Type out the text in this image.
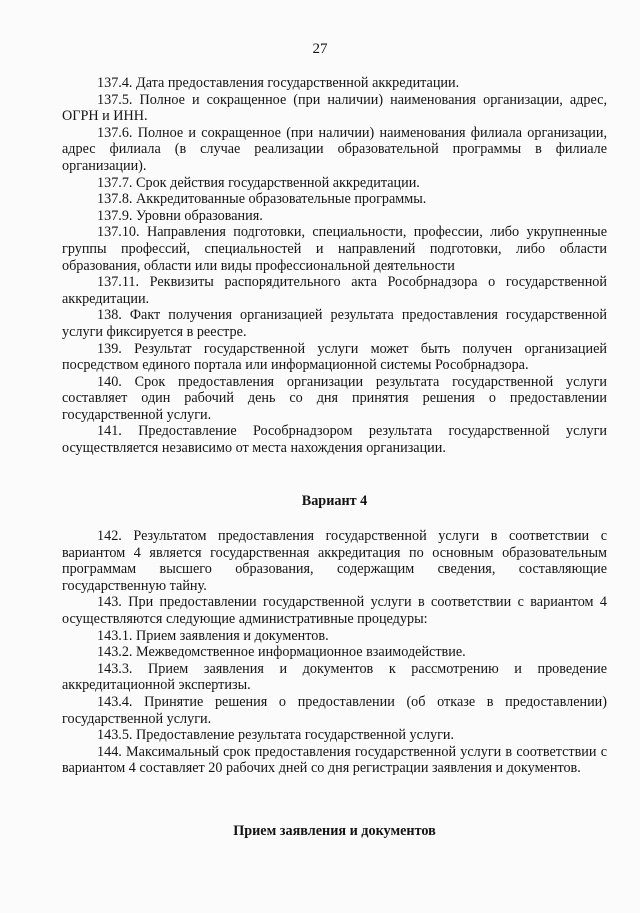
27

137.4. Дата предоставления государственной аккредитации.

137.5. Полное и сокращенное (при наличии) наименования организации, адрес, ОГРН и ИНН.

137.6. Полное и сокращенное (при наличии) наименования филиала организации, адрес филиала (в случае реализации образовательной программы в филиале организации).

137.7. Срок действия государственной аккредитации.

137.8. Аккредитованные образовательные программы.

137.9. Уровни образования.

137.10. Направления подготовки, специальности, профессии, либо укрупненные группы профессий, специальностей и направлений подготовки, либо области образования, области или виды профессиональной деятельности

137.11. Реквизиты распорядительного акта Рособрнадзора о государственной аккредитации.

138. Факт получения организацией результата предоставления государственной услуги фиксируется в реестре.

139. Результат государственной услуги может быть получен организацией посредством единого портала или информационной системы Рособрнадзора.

140. Срок предоставления организации результата государственной услуги составляет один рабочий день со дня принятия решения о предоставлении государственной услуги.

141. Предоставление Рособрнадзором результата государственной услуги осуществляется независимо от места нахождения организации.

Вариант 4

142. Результатом предоставления государственной услуги в соответствии с вариантом 4 является государственная аккредитация по основным образовательным программам высшего образования, содержащим сведения, составляющие государственную тайну.

143. При предоставлении государственной услуги в соответствии с вариантом 4 осуществляются следующие административные процедуры:

143.1. Прием заявления и документов.

143.2. Межведомственное информационное взаимодействие.

143.3. Прием заявления и документов к рассмотрению и проведение аккредитационной экспертизы.

143.4. Принятие решения о предоставлении (об отказе в предоставлении) государственной услуги.

143.5. Предоставление результата государственной услуги.

144. Максимальный срок предоставления государственной услуги в соответствии с вариантом 4 составляет 20 рабочих дней со дня регистрации заявления и документов.

Прием заявления и документов
